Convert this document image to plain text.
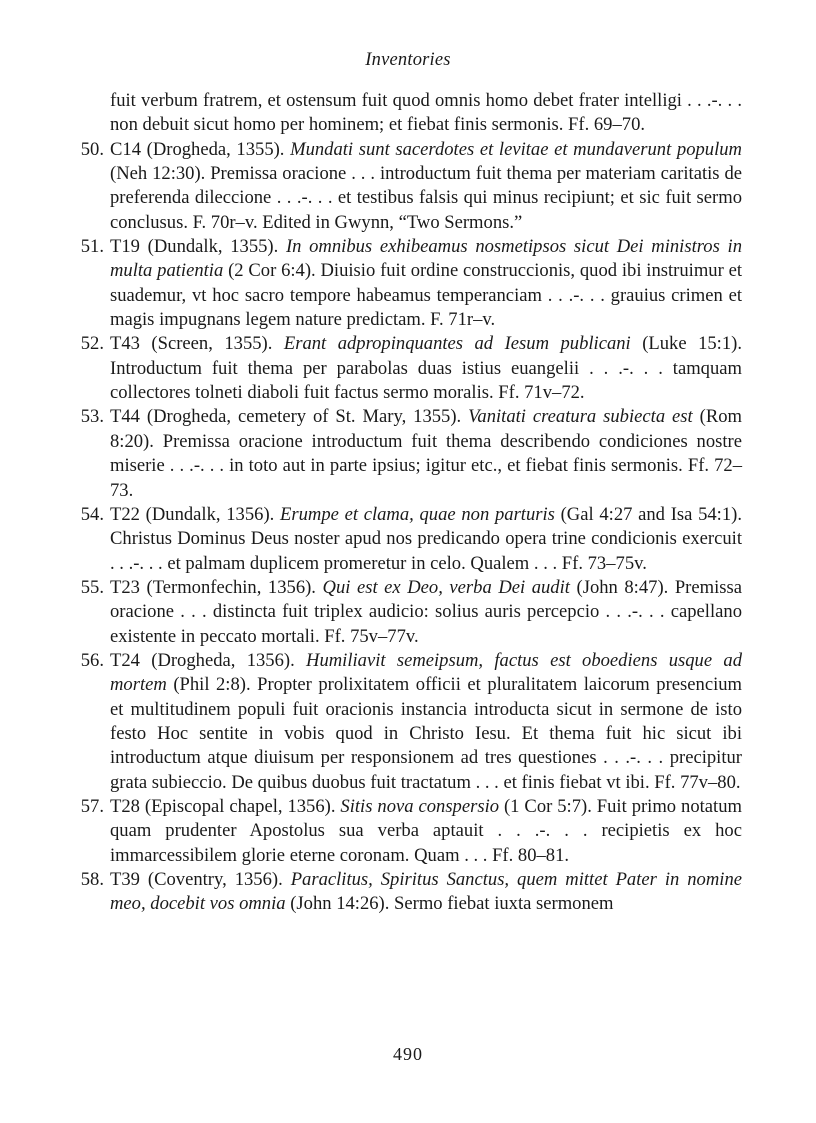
Inventories

fuit verbum fratrem, et ostensum fuit quod omnis homo debet frater intelligi . . .-. . . non debuit sicut homo per hominem; et fiebat finis sermonis. Ff. 69–70.

50. C14 (Drogheda, 1355). Mundati sunt sacerdotes et levitae et mundaverunt populum (Neh 12:30). Premissa oracione . . . introductum fuit thema per materiam caritatis de preferenda dileccione . . .-. . . et testibus falsis qui minus recipiunt; et sic fuit sermo conclusus. F. 70r–v. Edited in Gwynn, “Two Sermons.”

51. T19 (Dundalk, 1355). In omnibus exhibeamus nosmetipsos sicut Dei ministros in multa patientia (2 Cor 6:4). Diuisio fuit ordine construccionis, quod ibi instruimur et suademur, vt hoc sacro tempore habeamus temperanciam . . .-. . . grauius crimen et magis impugnans legem nature predictam. F. 71r–v.

52. T43 (Screen, 1355). Erant adpropinquantes ad Iesum publicani (Luke 15:1). Introductum fuit thema per parabolas duas istius euangelii . . .-. . . tamquam collectores tolneti diaboli fuit factus sermo moralis. Ff. 71v–72.

53. T44 (Drogheda, cemetery of St. Mary, 1355). Vanitati creatura subiecta est (Rom 8:20). Premissa oracione introductum fuit thema describendo condiciones nostre miserie . . .-. . . in toto aut in parte ipsius; igitur etc., et fiebat finis sermonis. Ff. 72–73.

54. T22 (Dundalk, 1356). Erumpe et clama, quae non parturis (Gal 4:27 and Isa 54:1). Christus Dominus Deus noster apud nos predicando opera trine condicionis exercuit . . .-. . . et palmam duplicem promeretur in celo. Qualem . . . Ff. 73–75v.

55. T23 (Termonfechin, 1356). Qui est ex Deo, verba Dei audit (John 8:47). Premissa oracione . . . distincta fuit triplex audicio: solius auris percepcio . . .-. . . capellano existente in peccato mortali. Ff. 75v–77v.

56. T24 (Drogheda, 1356). Humiliavit semeipsum, factus est oboediens usque ad mortem (Phil 2:8). Propter prolixitatem officii et pluralitatem laicorum presencium et multitudinem populi fuit oracionis instancia introducta sicut in sermone de isto festo Hoc sentite in vobis quod in Christo Iesu. Et thema fuit hic sicut ibi introductum atque diuisum per responsionem ad tres questiones . . .-. . . precipitur grata subieccio. De quibus duobus fuit tractatum . . . et finis fiebat vt ibi. Ff. 77v–80.

57. T28 (Episcopal chapel, 1356). Sitis nova conspersio (1 Cor 5:7). Fuit primo notatum quam prudenter Apostolus sua verba aptauit . . .-. . . recipietis ex hoc immarcessibilem glorie eterne coronam. Quam . . . Ff. 80–81.

58. T39 (Coventry, 1356). Paraclitus, Spiritus Sanctus, quem mittet Pater in nomine meo, docebit vos omnia (John 14:26). Sermo fiebat iuxta sermonem

490
